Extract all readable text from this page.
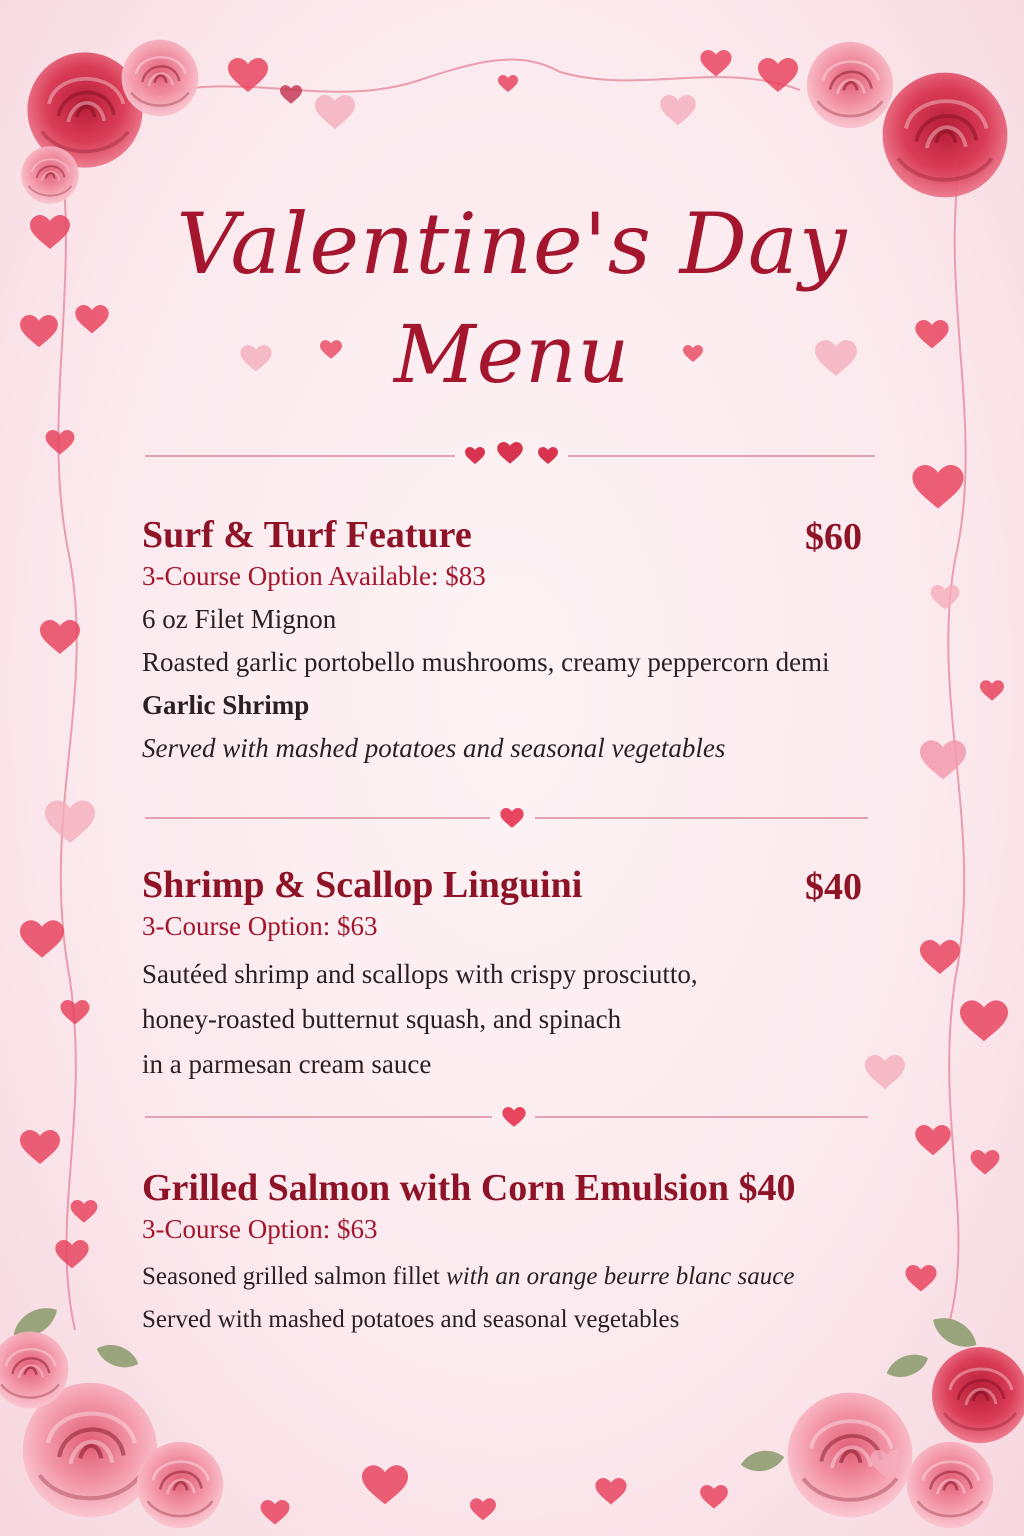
Valentine's Day
Menu
Surf & Turf Feature	$60
3-Course Option Available: $83
6 oz Filet Mignon
Roasted garlic portobello mushrooms, creamy peppercorn demi
Garlic Shrimp
Served with mashed potatoes and seasonal vegetables
Shrimp & Scallop Linguini	$40
3-Course Option: $63
Sautéed shrimp and scallops with crispy prosciutto,
honey-roasted butternut squash, and spinach
in a parmesan cream sauce
Grilled Salmon with Corn Emulsion $40
3-Course Option: $63
Seasoned grilled salmon fillet with an orange beurre blanc sauce
Served with mashed potatoes and seasonal vegetables
